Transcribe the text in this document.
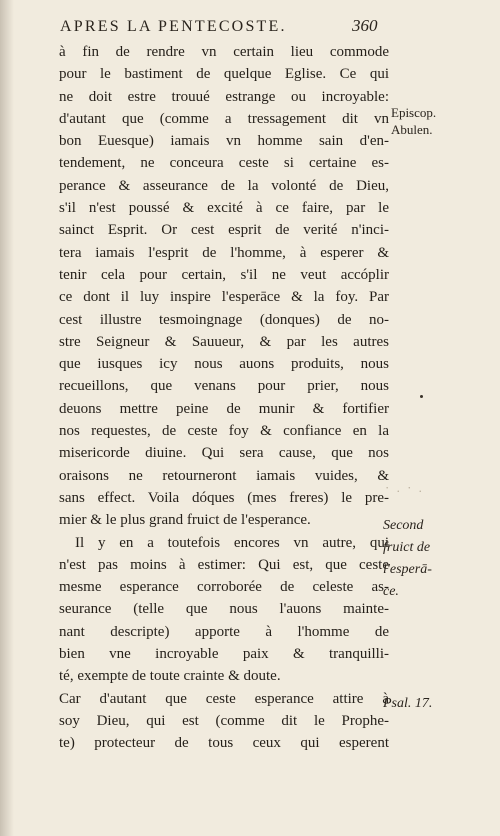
APRES LA PENTECOSTE.	360
à fin de rendre vn certain lieu commode
pour le bastiment de quelque Eglise. Ce qui
ne doit estre trouué estrange ou incroyable:
d'autant que (comme a tressagement dit vn
bon Euesque) iamais vn homme sain d'en-
tendement, ne conceura ceste si certaine es-
perance & asseurance de la volonté de Dieu,
s'il n'est poussé & excité à ce faire, par le
sainct Esprit. Or cest esprit de verité n'inci-
tera iamais l'esprit de l'homme, à esperer &
tenir cela pour certain, s'il ne veut accóplir
ce dont il luy inspire l'esperāce & la foy. Par
cest illustre tesmoingnage (donques) de no-
stre Seigneur & Sauueur, & par les autres
que iusques icy nous auons produits, nous
recueillons, que venans pour prier, nous
deuons mettre peine de munir & fortifier
nos requestes, de ceste foy & confiance en la
misericorde diuine. Qui sera cause, que nos
oraisons ne retourneront iamais vuides, &
sans effect. Voila dóques (mes freres) le pre-
mier & le plus grand fruict de l'esperance.
Il y en a toutefois encores vn autre, qui
n'est pas moins à estimer: Qui est, que ceste
mesme esperance corroborée de celeste as-
seurance (telle que nous l'auons mainte-
nant descripte) apporte à l'homme de
bien vne incroyable paix & tranquilli-
té, exempte de toute crainte & doute.
Car d'autant que ceste esperance attire à
soy Dieu, qui est (comme dit le Prophe-
te) protecteur de tous ceux qui esperent
Episcop.
Abulen.
· . · .
Second
fruict de
l'esperā-
ce.
Psal. 17.
